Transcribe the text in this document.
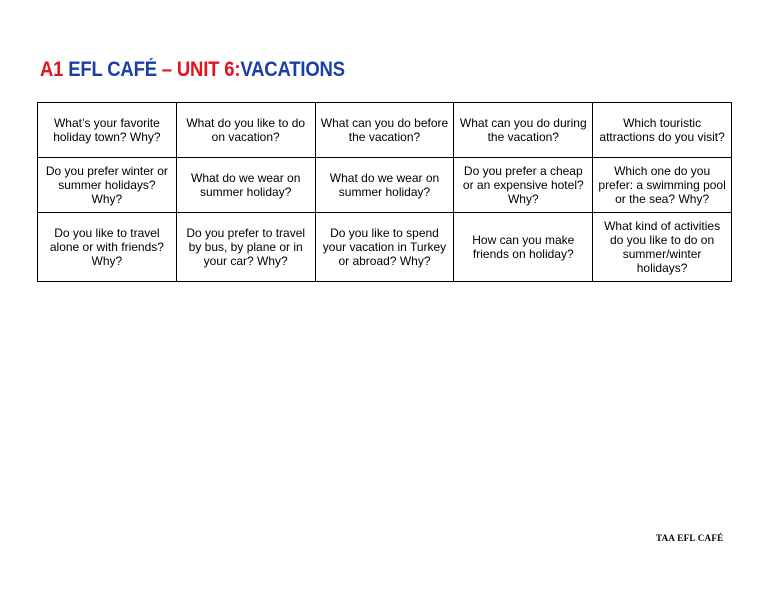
A1 EFL CAFÉ – UNIT 6:VACATIONS
What’s your favorite holiday town? Why?	What do you like to do on vacation?	What can you do before the vacation?	What can you do during the vacation?	Which touristic attractions do you visit?
Do you prefer winter or summer holidays? Why?	What do we wear on summer holiday?	What do we wear on summer holiday?	Do you prefer a cheap or an expensive hotel? Why?	Which one do you prefer: a swimming pool or the sea? Why?
Do you like to travel alone or with friends? Why?	Do you prefer to travel by bus, by plane or in your car? Why?	Do you like to spend your vacation in Turkey or abroad? Why?	How can you make friends on holiday?	What kind of activities do you like to do on summer/winter holidays?
TAA EFL CAFÉ
